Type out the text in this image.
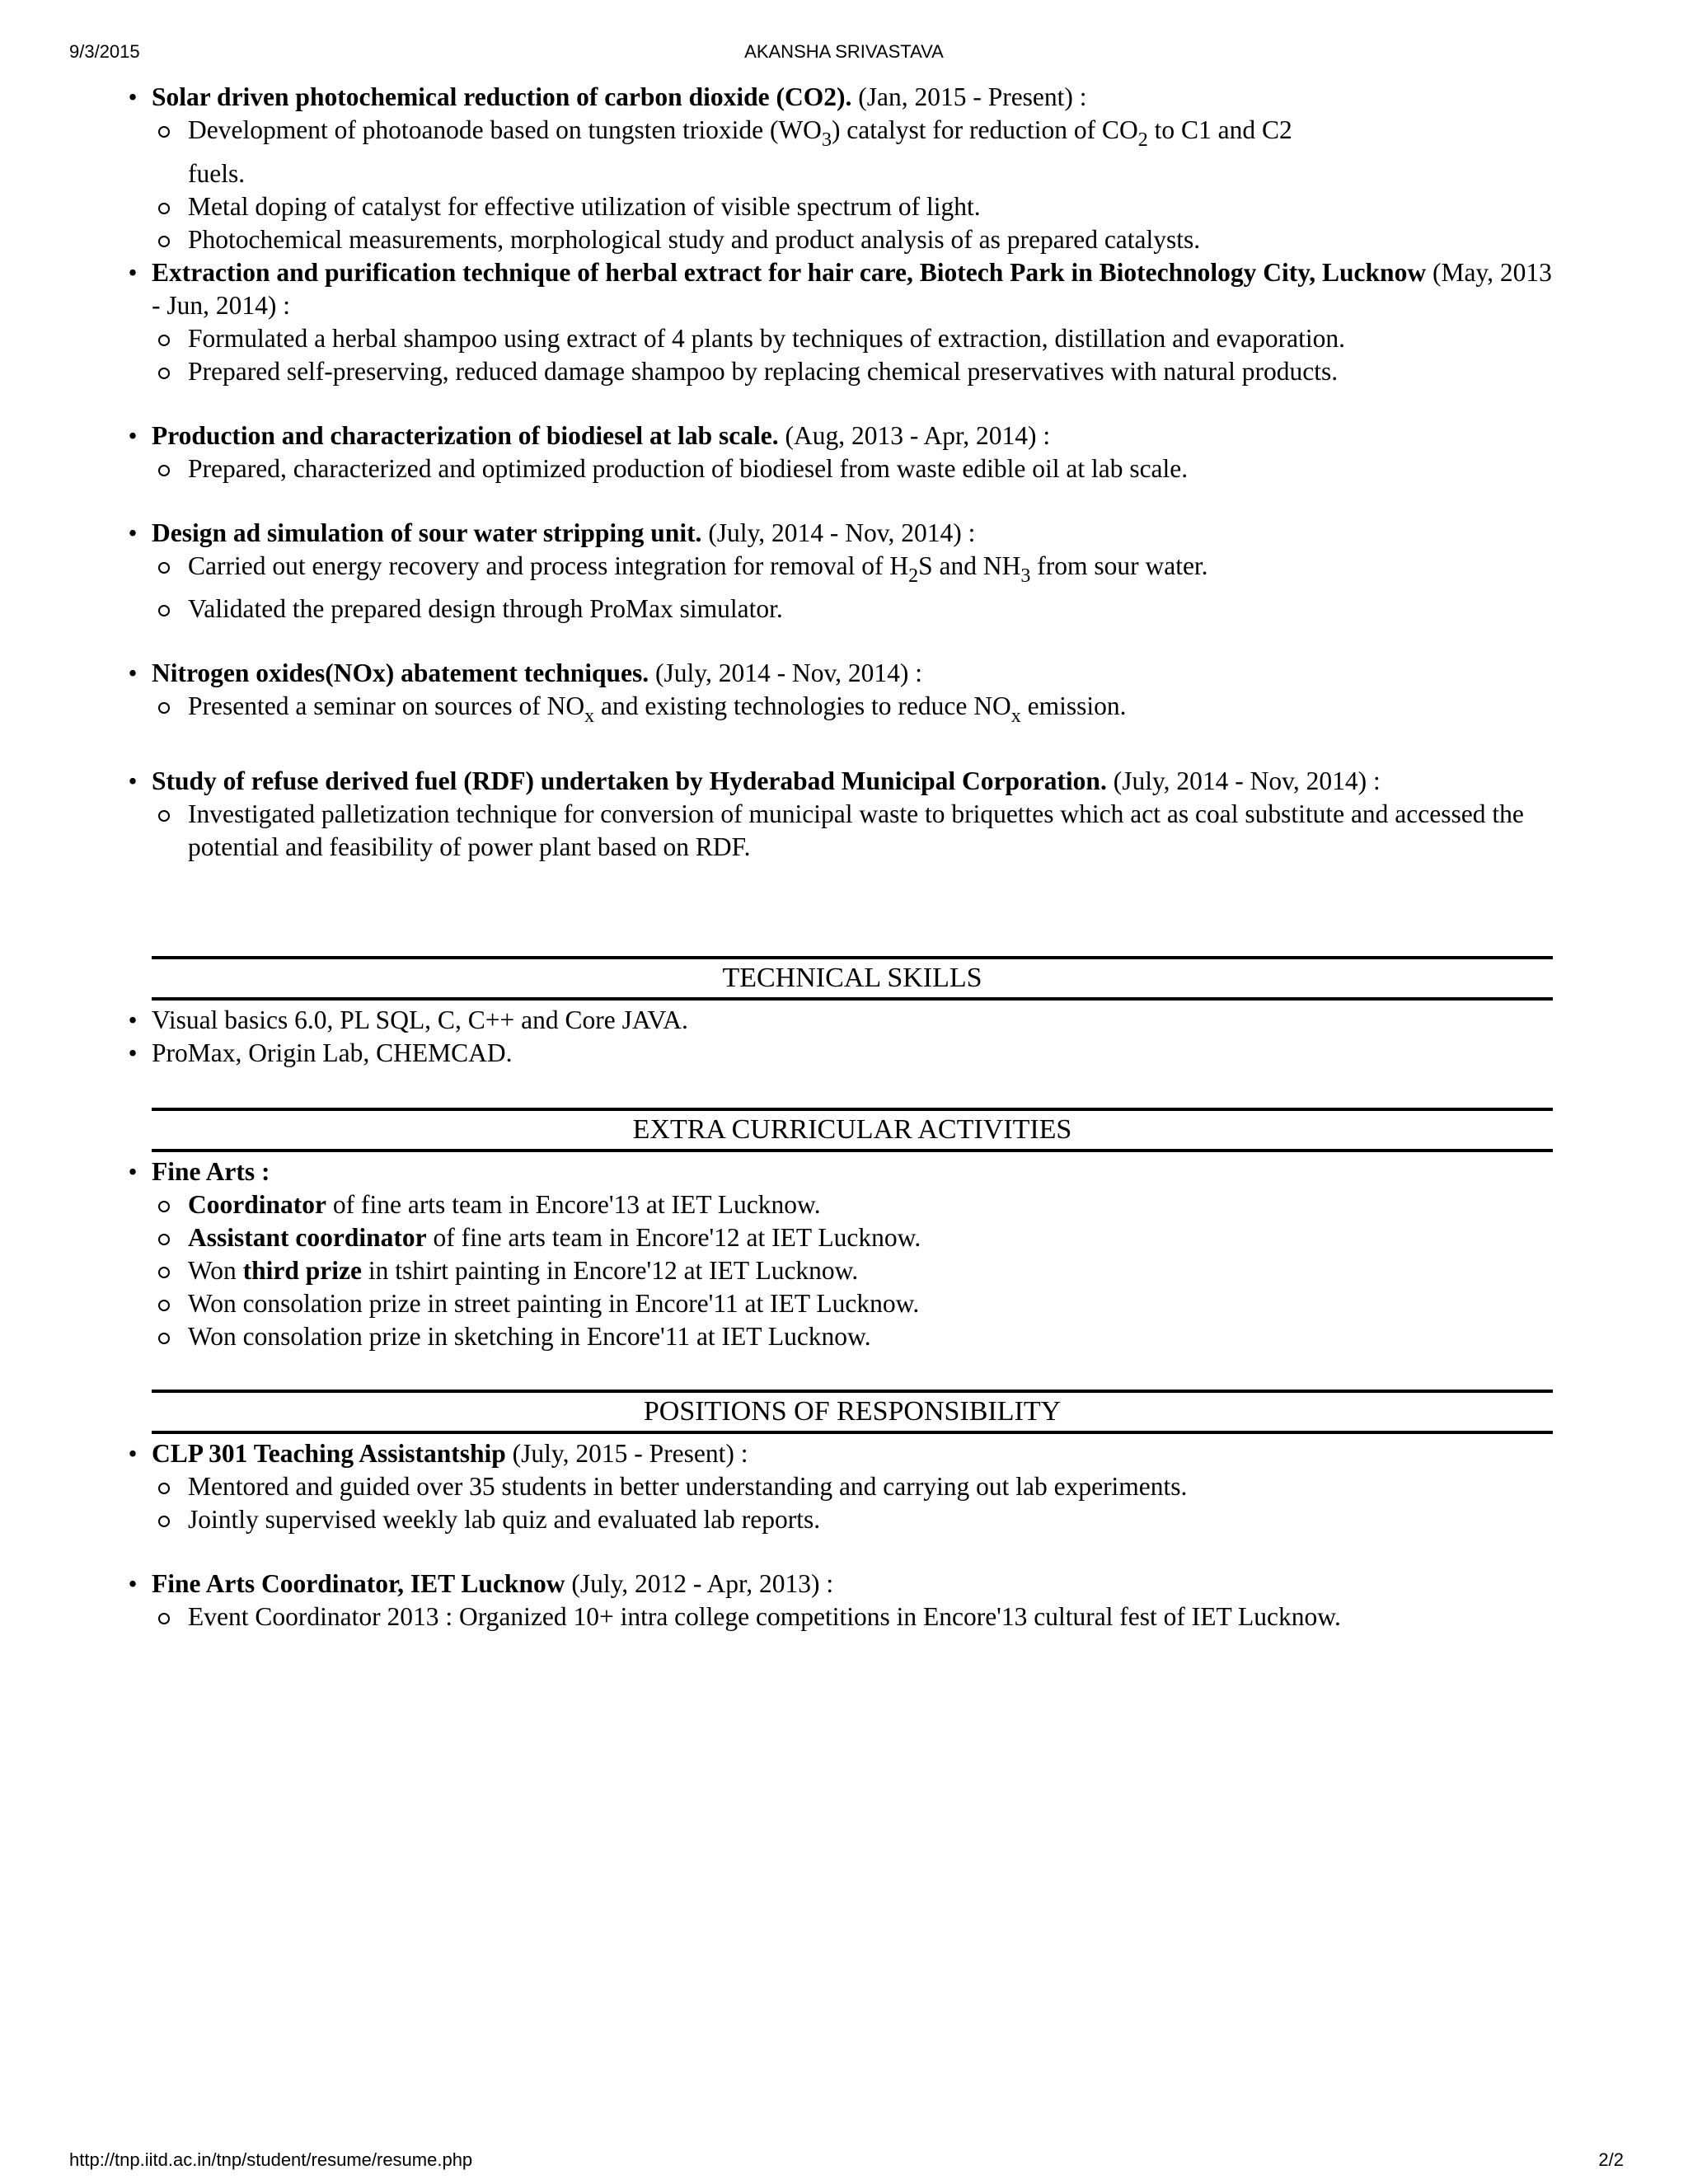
9/3/2015	AKANSHA SRIVASTAVA
• Solar driven photochemical reduction of carbon dioxide (CO2). (Jan, 2015 - Present) :
Development of photoanode based on tungsten trioxide $(WO_3)$ catalyst for reduction of $CO_2$ to C1 and C2
fuels.
Metal doping of catalyst for effective utilization of visible spectrum of light.
Photochemical measurements, morphological study and product analysis of as prepared catalysts.
• Extraction and purification technique of herbal extract for hair care, Biotech Park in Biotechnology City, Lucknow (May, 2013 - Jun, 2014) :
Formulated a herbal shampoo using extract of 4 plants by techniques of extraction, distillation and evaporation.
Prepared self-preserving, reduced damage shampoo by replacing chemical preservatives with natural products.
• Production and characterization of biodiesel at lab scale. (Aug, 2013 - Apr, 2014) :
Prepared, characterized and optimized production of biodiesel from waste edible oil at lab scale.
• Design ad simulation of sour water stripping unit. (July, 2014 - Nov, 2014) :
Carried out energy recovery and process integration for removal of $H_2S$ and $NH_3$ from sour water.
Validated the prepared design through ProMax simulator.
• Nitrogen oxides(NOx) abatement techniques. (July, 2014 - Nov, 2014) :
Presented a seminar on sources of $NO_x$ and existing technologies to reduce $NO_x$ emission.
• Study of refuse derived fuel (RDF) undertaken by Hyderabad Municipal Corporation. (July, 2014 - Nov, 2014) :
Investigated palletization technique for conversion of municipal waste to briquettes which act as coal substitute and accessed the potential and feasibility of power plant based on RDF.
TECHNICAL SKILLS
• Visual basics 6.0, PL SQL, C, C++ and Core JAVA.
• ProMax, Origin Lab, CHEMCAD.
EXTRA CURRICULAR ACTIVITIES
• Fine Arts :
Coordinator of fine arts team in Encore'13 at IET Lucknow.
Assistant coordinator of fine arts team in Encore'12 at IET Lucknow.
Won third prize in tshirt painting in Encore'12 at IET Lucknow.
Won consolation prize in street painting in Encore'11 at IET Lucknow.
Won consolation prize in sketching in Encore'11 at IET Lucknow.
POSITIONS OF RESPONSIBILITY
• CLP 301 Teaching Assistantship (July, 2015 - Present) :
Mentored and guided over 35 students in better understanding and carrying out lab experiments.
Jointly supervised weekly lab quiz and evaluated lab reports.
• Fine Arts Coordinator, IET Lucknow (July, 2012 - Apr, 2013) :
Event Coordinator 2013 : Organized 10+ intra college competitions in Encore'13 cultural fest of IET Lucknow.
http://tnp.iitd.ac.in/tnp/student/resume/resume.php	2/2
